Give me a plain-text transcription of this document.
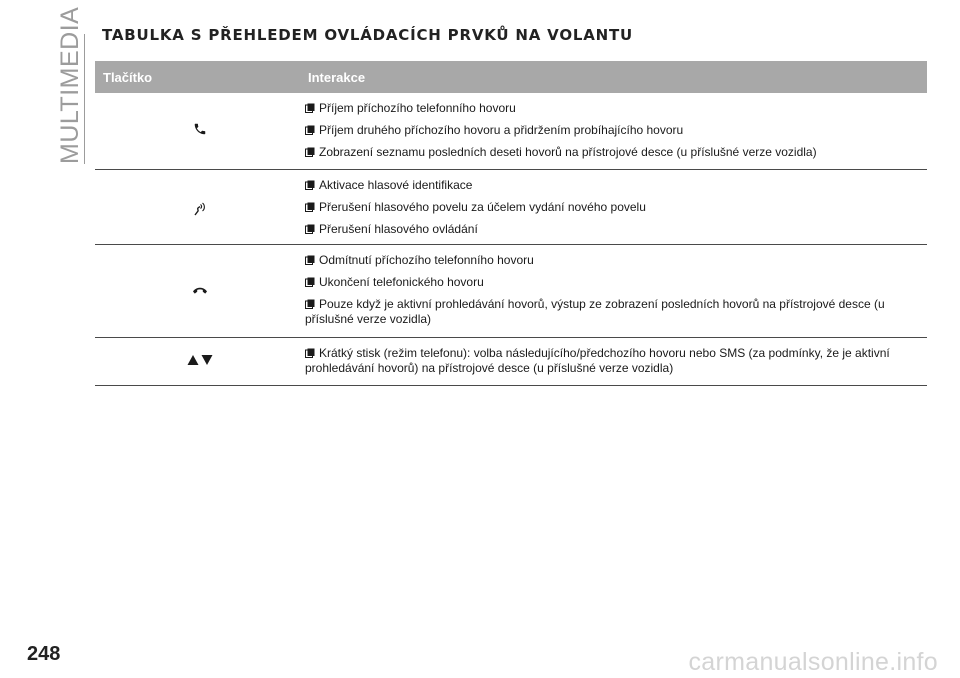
MULTIMEDIA TABULKA S PŘEHLEDEM OVLÁDACÍCH PRVKŮ NA VOLANTU
Tlačítko	Interakce
Příjem příchozího telefonního hovoru
Příjem druhého příchozího hovoru a přidržením probíhajícího hovoru
Zobrazení seznamu posledních deseti hovorů na přístrojové desce (u příslušné verze vozidla)
Aktivace hlasové identifikace
Přerušení hlasového povelu za účelem vydání nového povelu
Přerušení hlasového ovládání
Odmítnutí příchozího telefonního hovoru
Ukončení telefonického hovoru
Pouze když je aktivní prohledávání hovorů, výstup ze zobrazení posledních hovorů na přístrojové desce (u příslušné verze vozidla)
Krátký stisk (režim telefonu): volba následujícího/předchozího hovoru nebo SMS (za podmínky, že je aktivní prohledávání hovorů) na přístrojové desce (u příslušné verze vozidla)
248	carmanualsonline.info
